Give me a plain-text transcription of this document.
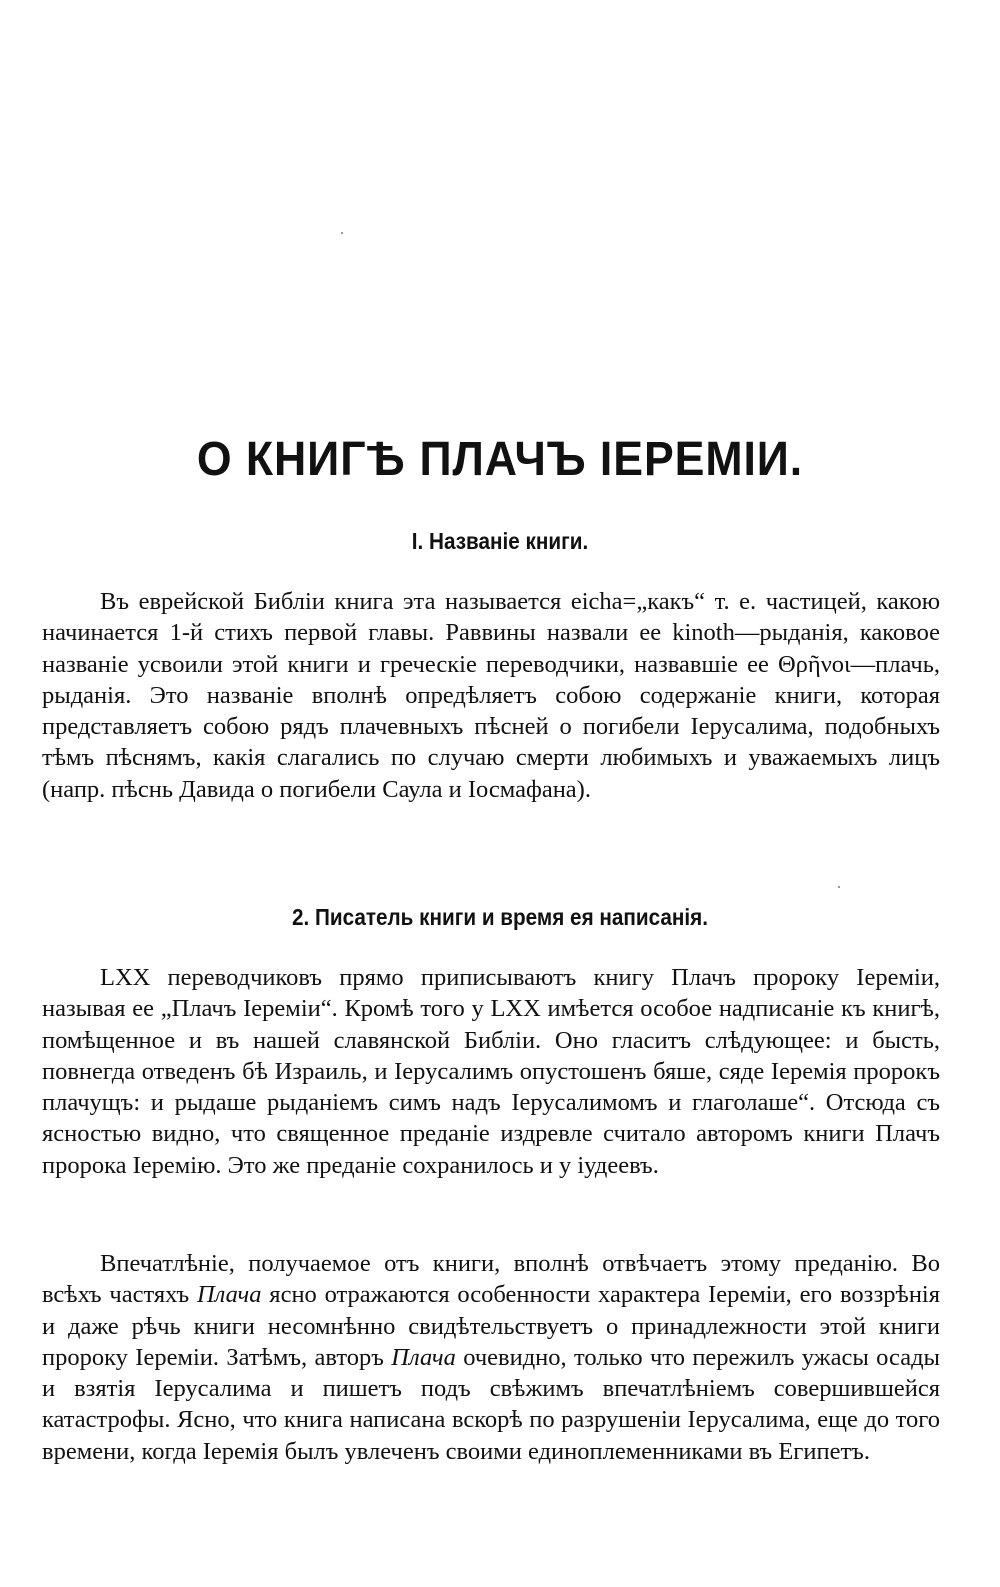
О КНИГѢ ПЛАЧЪ ІЕРЕМІИ.
I. Названіе книги.

Въ еврейской Библіи книга эта называется eicha=„какъ“ т. е. частицей, какою начинается 1-й стихъ первой главы. Раввины назвали ее kinoth—рыданія, каковое названіе усвоили этой книги и греческіе переводчики, назвавшіе ее Θρῆνοι—плачь, рыданія. Это названіе вполнѣ опредѣляетъ собою содержаніе книги, которая представляетъ собою рядъ плачевныхъ пѣсней о погибели Іерусалима, подобныхъ тѣмъ пѣснямъ, какія слагались по случаю смерти любимыхъ и уважаемыхъ лицъ (напр. пѣснь Давида о погибели Саула и Іосмафана).

2. Писатель книги и время ея написанія.

LXX переводчиковъ прямо приписываютъ книгу Плачъ пророку Іереміи, называя ее „Плачъ Іереміи“. Кромѣ того у LXX имѣется особое надписаніе къ книгѣ, помѣщенное и въ нашей славянской Библіи. Оно гласитъ слѣдующее: и бысть, повнегда отведенъ бѣ Израиль, и Іерусалимъ опустошенъ бяше, сяде Іеремія пророкъ плачущъ: и рыдаше рыданіемъ симъ надъ Іерусалимомъ и глаголаше“. Отсюда съ ясностью видно, что священное преданіе издревле считало авторомъ книги Плачъ пророка Іеремію. Это же преданіе сохранилось и у іудеевъ.

Впечатлѣніе, получаемое отъ книги, вполнѣ отвѣчаетъ этому преданію. Во всѣхъ частяхъ Плача ясно отражаются особенности характера Іереміи, его воззрѣнія и даже рѣчь книги несомнѣнно свидѣтельствуетъ о принадлежности этой книги пророку Іереміи. Затѣмъ, авторъ Плача очевидно, только что пережилъ ужасы осады и взятія Іерусалима и пишетъ подъ свѣжимъ впечатлѣніемъ совершившейся катастрофы. Ясно, что книга написана вскорѣ по разрушеніи Іерусалима, еще до того времени, когда Іеремія былъ увлеченъ своими единоплеменниками въ Египетъ.
